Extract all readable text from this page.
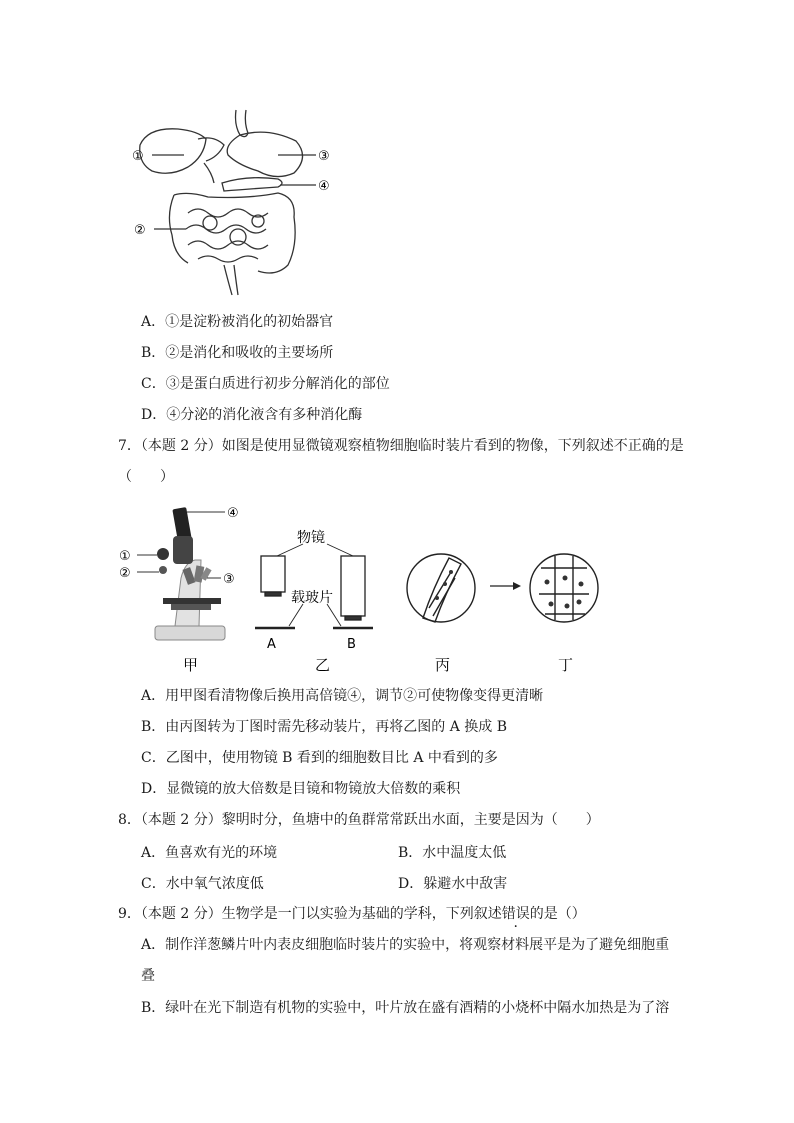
①
②
③
④
A．①是淀粉被消化的初始器官
B．②是消化和吸收的主要场所
C．③是蛋白质进行初步分解消化的部位
D．④分泌的消化液含有多种消化酶
7．（本题 2 分）如图是使用显微镜观察植物细胞临时装片看到的物像，下列叙述不正确的是
（　　）
①
②	③
④
物镜
载玻片
A	B
甲	乙	丙	丁
A．用甲图看清物像后换用高倍镜④，调节②可使物像变得更清晰
B．由丙图转为丁图时需先移动装片，再将乙图的 A 换成 B
C．乙图中，使用物镜 B 看到的细胞数目比 A 中看到的多
D．显微镜的放大倍数是目镜和物镜放大倍数的乘积
8．（本题 2 分）黎明时分，鱼塘中的鱼群常常跃出水面，主要是因为（　　）
A．鱼喜欢有光的环境	B．水中温度太低
C．水中氧气浓度低	D．躲避水中敌害
9．（本题 2 分）生物学是一门以实验为基础的学科，下列叙述错误的是（）
A．制作洋葱鳞片叶内表皮细胞临时装片的实验中，将观察材料展平是为了避免细胞重
叠
B．绿叶在光下制造有机物的实验中，叶片放在盛有酒精的小烧杯中隔水加热是为了溶
